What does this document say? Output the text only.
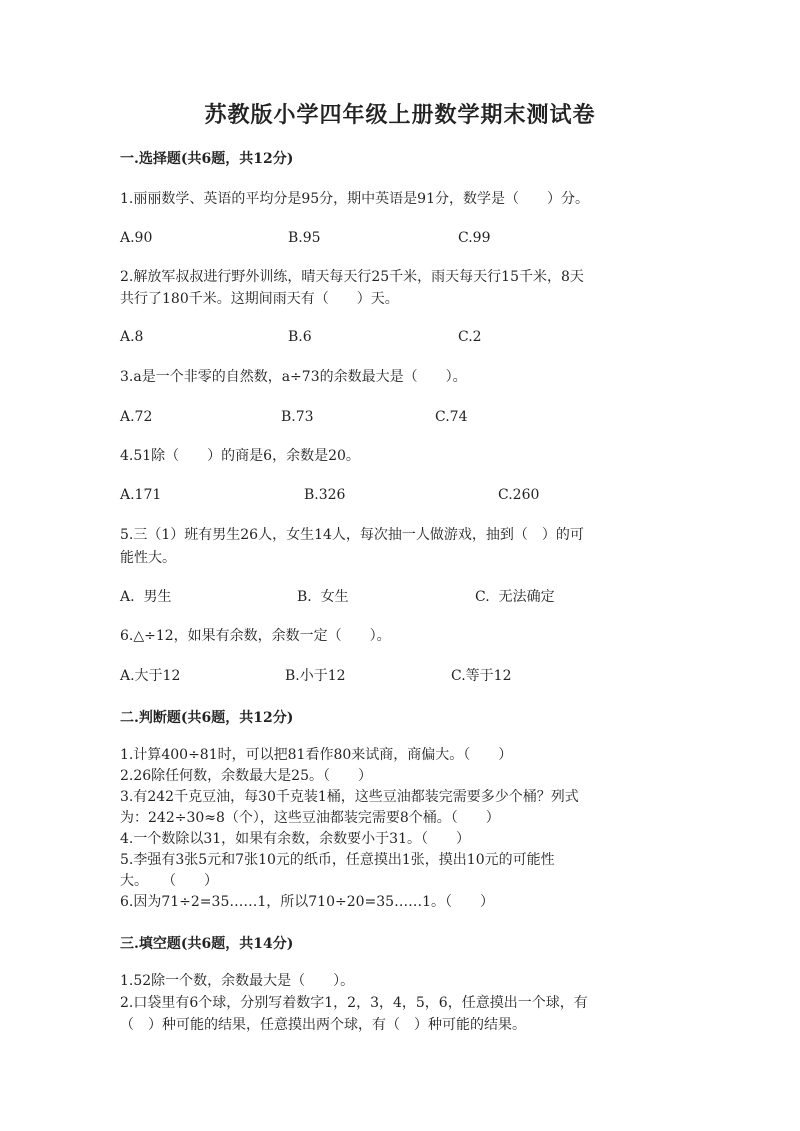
苏教版小学四年级上册数学期末测试卷
一.选择题(共6题，共12分)
1.丽丽数学、英语的平均分是95分，期中英语是91分，数学是（　　）分。
A.90	B.95	C.99
2.解放军叔叔进行野外训练，晴天每天行25千米，雨天每天行15千米，8天
共行了180千米。这期间雨天有（　　）天。
A.8	B.6	C.2
3.a是一个非零的自然数，a÷73的余数最大是（　　）。
A.72	B.73	C.74
4.51除（　　）的商是6，余数是20。
A.171	B.326	C.260
5.三（1）班有男生26人，女生14人，每次抽一人做游戏，抽到（　）的可
能性大。
A.  男生	B.  女生	C.  无法确定
6.△÷12，如果有余数，余数一定（　　）。
A.大于12	B.小于12	C.等于12
二.判断题(共6题，共12分)
1.计算400÷81时，可以把81看作80来试商，商偏大。（　　）
2.26除任何数，余数最大是25。（　　）
3.有242千克豆油，每30千克装1桶，这些豆油都装完需要多少个桶？列式
为：242÷30≈8（个），这些豆油都装完需要8个桶。（　　）
4.一个数除以31，如果有余数，余数要小于31。（　　）
5.李强有3张5元和7张10元的纸币，任意摸出1张，摸出10元的可能性
大。　　（　　）
6.因为71÷2=35……1，所以710÷20=35……1。（　　）
三.填空题(共6题，共14分)
1.52除一个数，余数最大是（　　）。
2.口袋里有6个球，分别写着数字1，2，3，4，5，6，任意摸出一个球，有
（　）种可能的结果，任意摸出两个球，有（　）种可能的结果。
